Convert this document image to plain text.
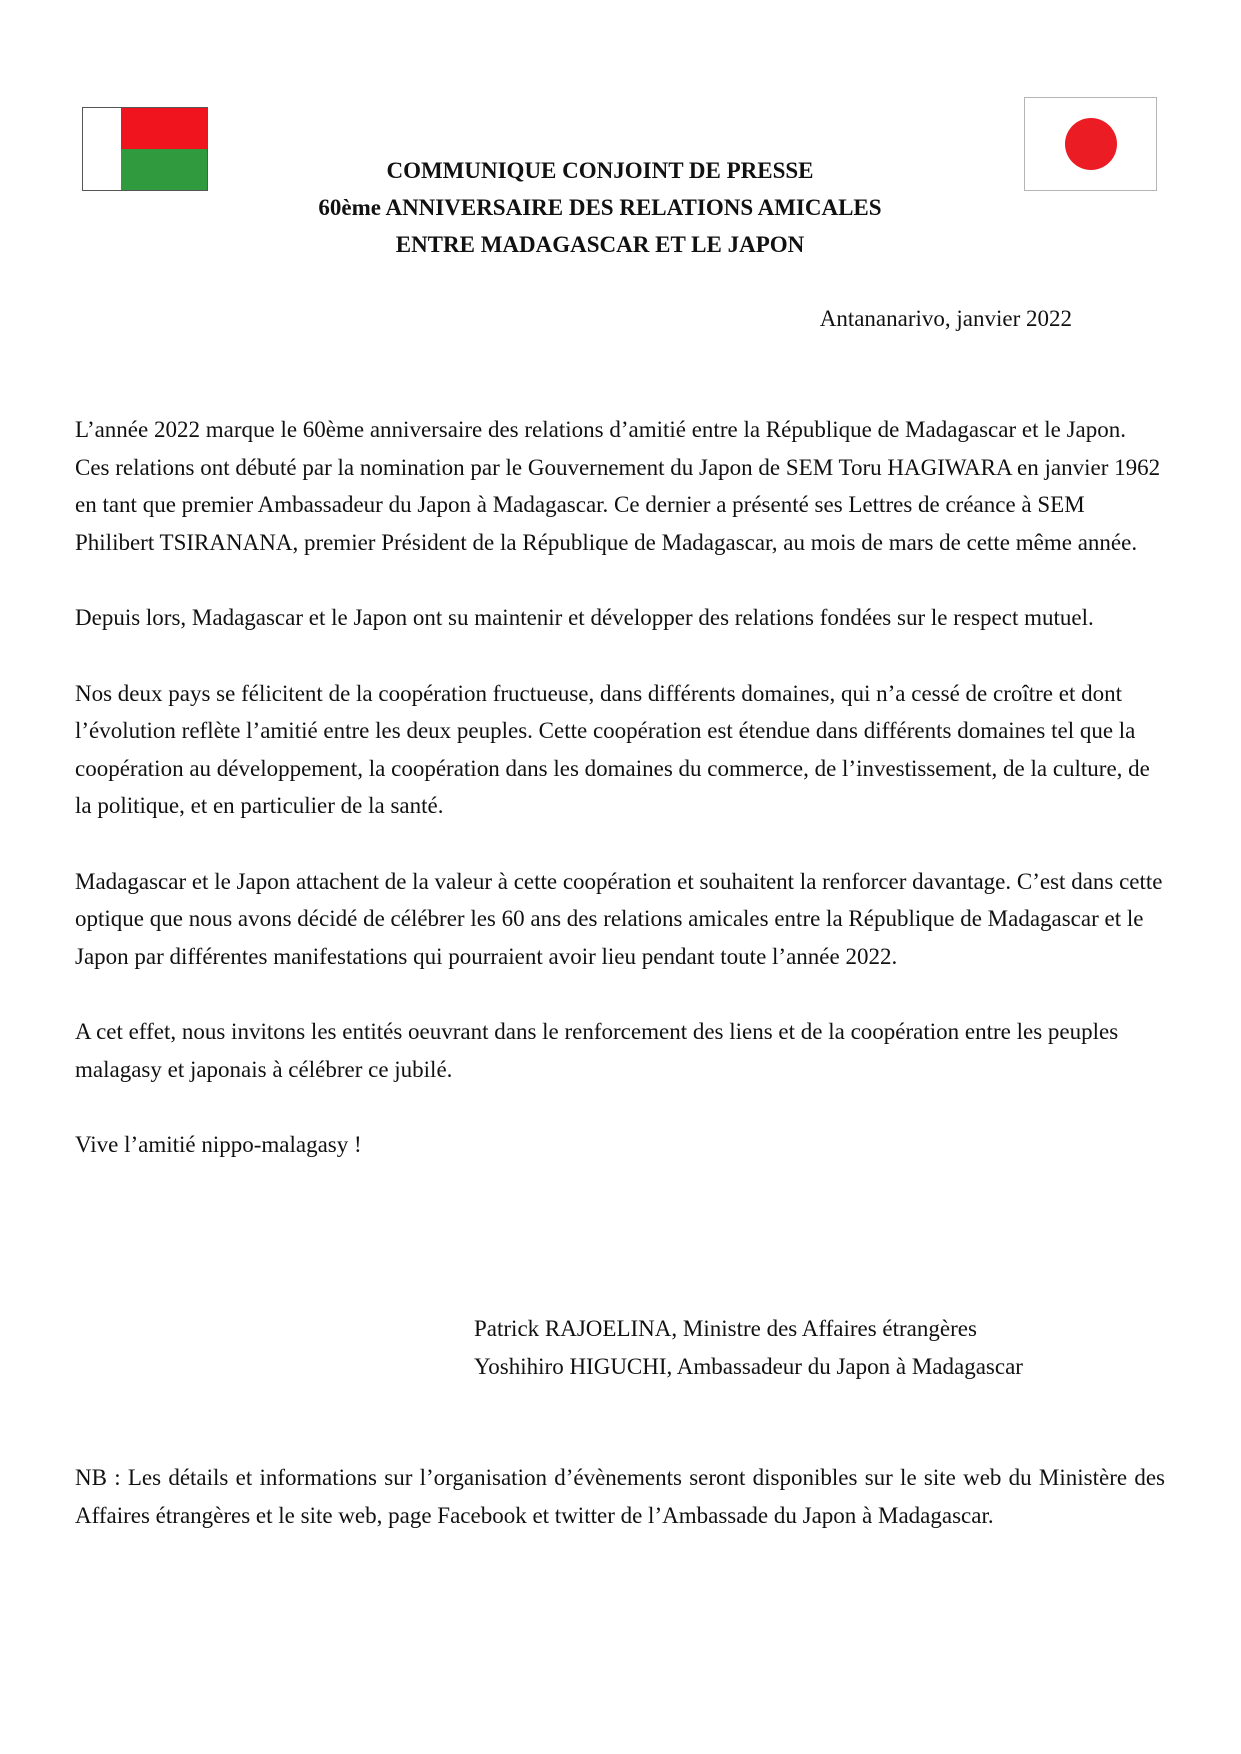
COMMUNIQUE CONJOINT DE PRESSE
60ème ANNIVERSAIRE DES RELATIONS AMICALES
ENTRE MADAGASCAR ET LE JAPON
Antananarivo, janvier 2022

L’année 2022 marque le 60ème anniversaire des relations d’amitié entre la République de Madagascar et le Japon. Ces relations ont débuté par la nomination par le Gouvernement du Japon de SEM Toru HAGIWARA en janvier 1962 en tant que premier Ambassadeur du Japon à Madagascar. Ce dernier a présenté ses Lettres de créance à SEM Philibert TSIRANANA, premier Président de la République de Madagascar, au mois de mars de cette même année.

Depuis lors, Madagascar et le Japon ont su maintenir et développer des relations fondées sur le respect mutuel.

Nos deux pays se félicitent de la coopération fructueuse, dans différents domaines, qui n’a cessé de croître et dont l’évolution reflète l’amitié entre les deux peuples. Cette coopération est étendue dans différents domaines tel que la coopération au développement, la coopération dans les domaines du commerce, de l’investissement, de la culture, de la politique, et en particulier de la santé.

Madagascar et le Japon attachent de la valeur à cette coopération et souhaitent la renforcer davantage. C’est dans cette optique que nous avons décidé de célébrer les 60 ans des relations amicales entre la République de Madagascar et le Japon par différentes manifestations qui pourraient avoir lieu pendant toute l’année 2022.

A cet effet, nous invitons les entités oeuvrant dans le renforcement des liens et de la coopération entre les peuples malagasy et japonais à célébrer ce jubilé.

Vive l’amitié nippo-malagasy !

Patrick RAJOELINA, Ministre des Affaires étrangères
Yoshihiro HIGUCHI, Ambassadeur du Japon à Madagascar

NB : Les détails et informations sur l’organisation d’évènements seront disponibles sur le site web du Ministère des Affaires étrangères et le site web, page Facebook et twitter de l’Ambassade du Japon à Madagascar.
